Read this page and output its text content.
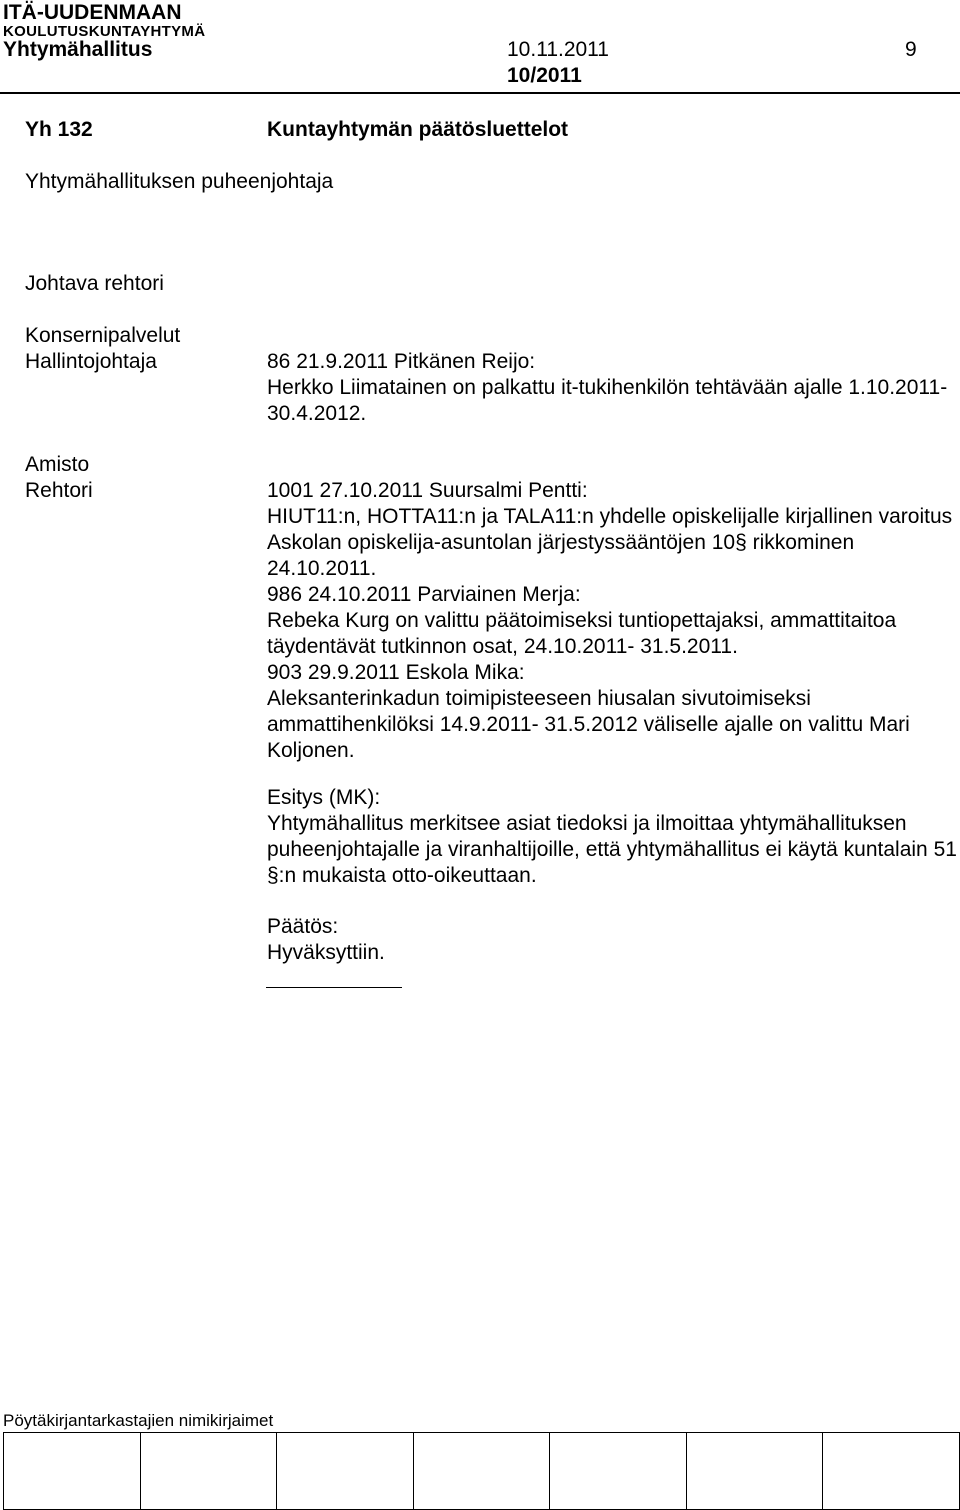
ITÄ-UUDENMAAN
KOULUTUSKUNTAYHTYMÄ
Yhtymähallitus	10.11.2011	9
10/2011
Yh 132	Kuntayhtymän päätösluettelot
Yhtymähallituksen puheenjohtaja
Johtava rehtori
Konsernipalvelut
Hallintojohtaja
Amisto
Rehtori

86 21.9.2011 Pitkänen Reijo:

Herkko Liimatainen on palkattu it-tukihenkilön tehtävään ajalle 1.10.2011-30.4.2012.

1001 27.10.2011 Suursalmi Pentti:

HIUT11:n, HOTTA11:n ja TALA11:n yhdelle opiskelijalle kirjallinen varoitus Askolan opiskelija-asuntolan järjestyssääntöjen 10§ rikkominen 24.10.2011.

986 24.10.2011 Parviainen Merja:

Rebeka Kurg on valittu päätoimiseksi tuntiopettajaksi, ammattitaitoa täydentävät tutkinnon osat, 24.10.2011- 31.5.2011.

903 29.9.2011 Eskola Mika:

Aleksanterinkadun toimipisteeseen hiusalan sivutoimiseksi ammattihenkilöksi 14.9.2011- 31.5.2012 väliselle ajalle on valittu Mari Koljonen.

Esitys (MK):

Yhtymähallitus merkitsee asiat tiedoksi ja ilmoittaa yhtymähallituksen puheenjohtajalle ja viranhaltijoille, että yhtymähallitus ei käytä kuntalain 51 §:n mukaista otto-oikeuttaan.

Päätös:

Hyväksyttiin.

Pöytäkirjantarkastajien nimikirjaimet
